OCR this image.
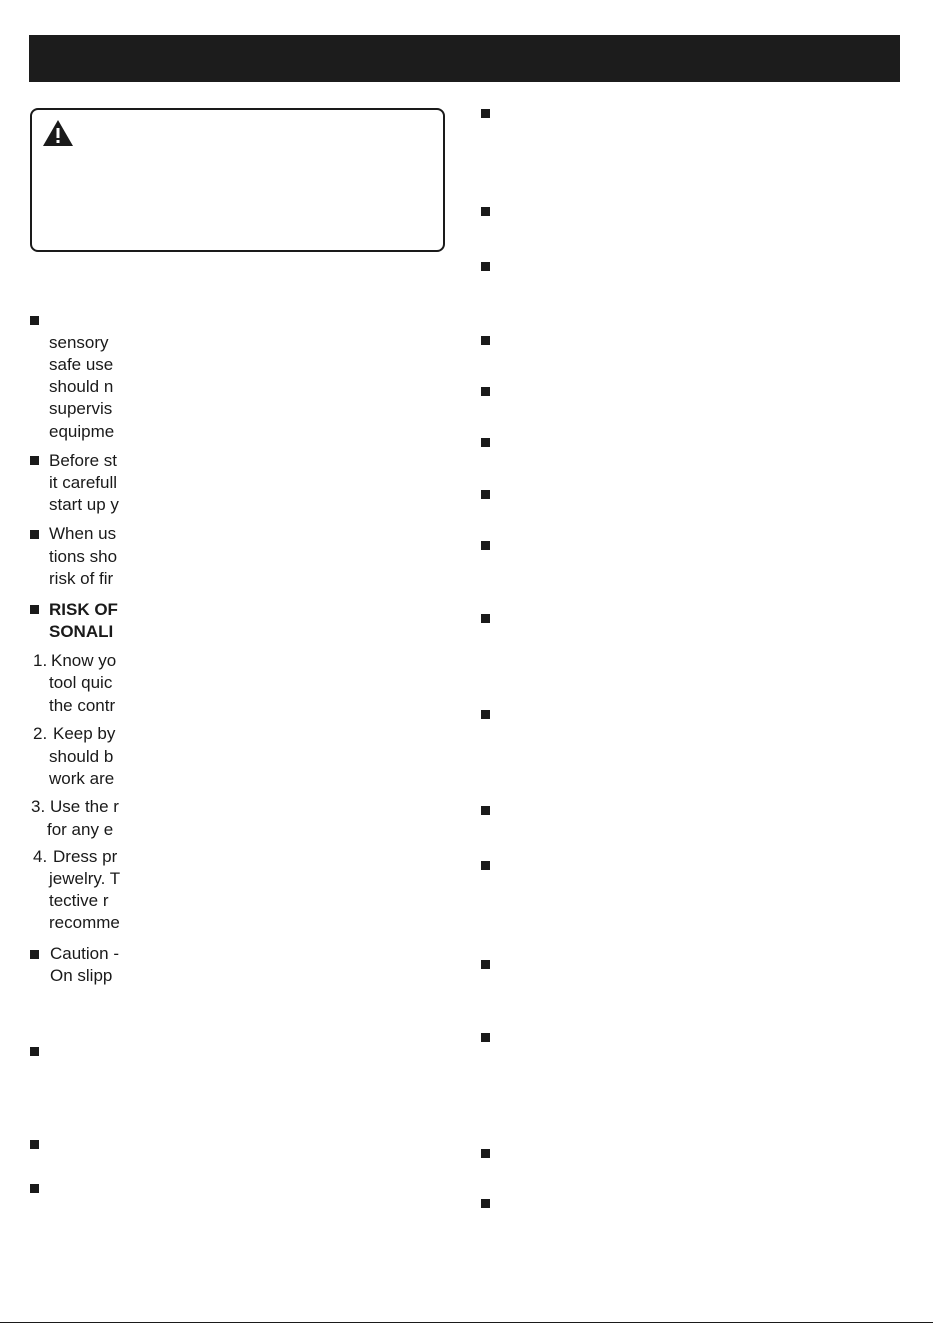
sensory
safe use
should n
supervis
equipme
Before st
it carefull
start up y
When us
tions sho
risk of fir
RISK OF
SONALI
1. Know yo
tool quic
the contr
2. Keep by
should b
work are
3. Use the r
for any e
4. Dress pr
jewelry. T
tective r
recomme
Caution -
On slipp
